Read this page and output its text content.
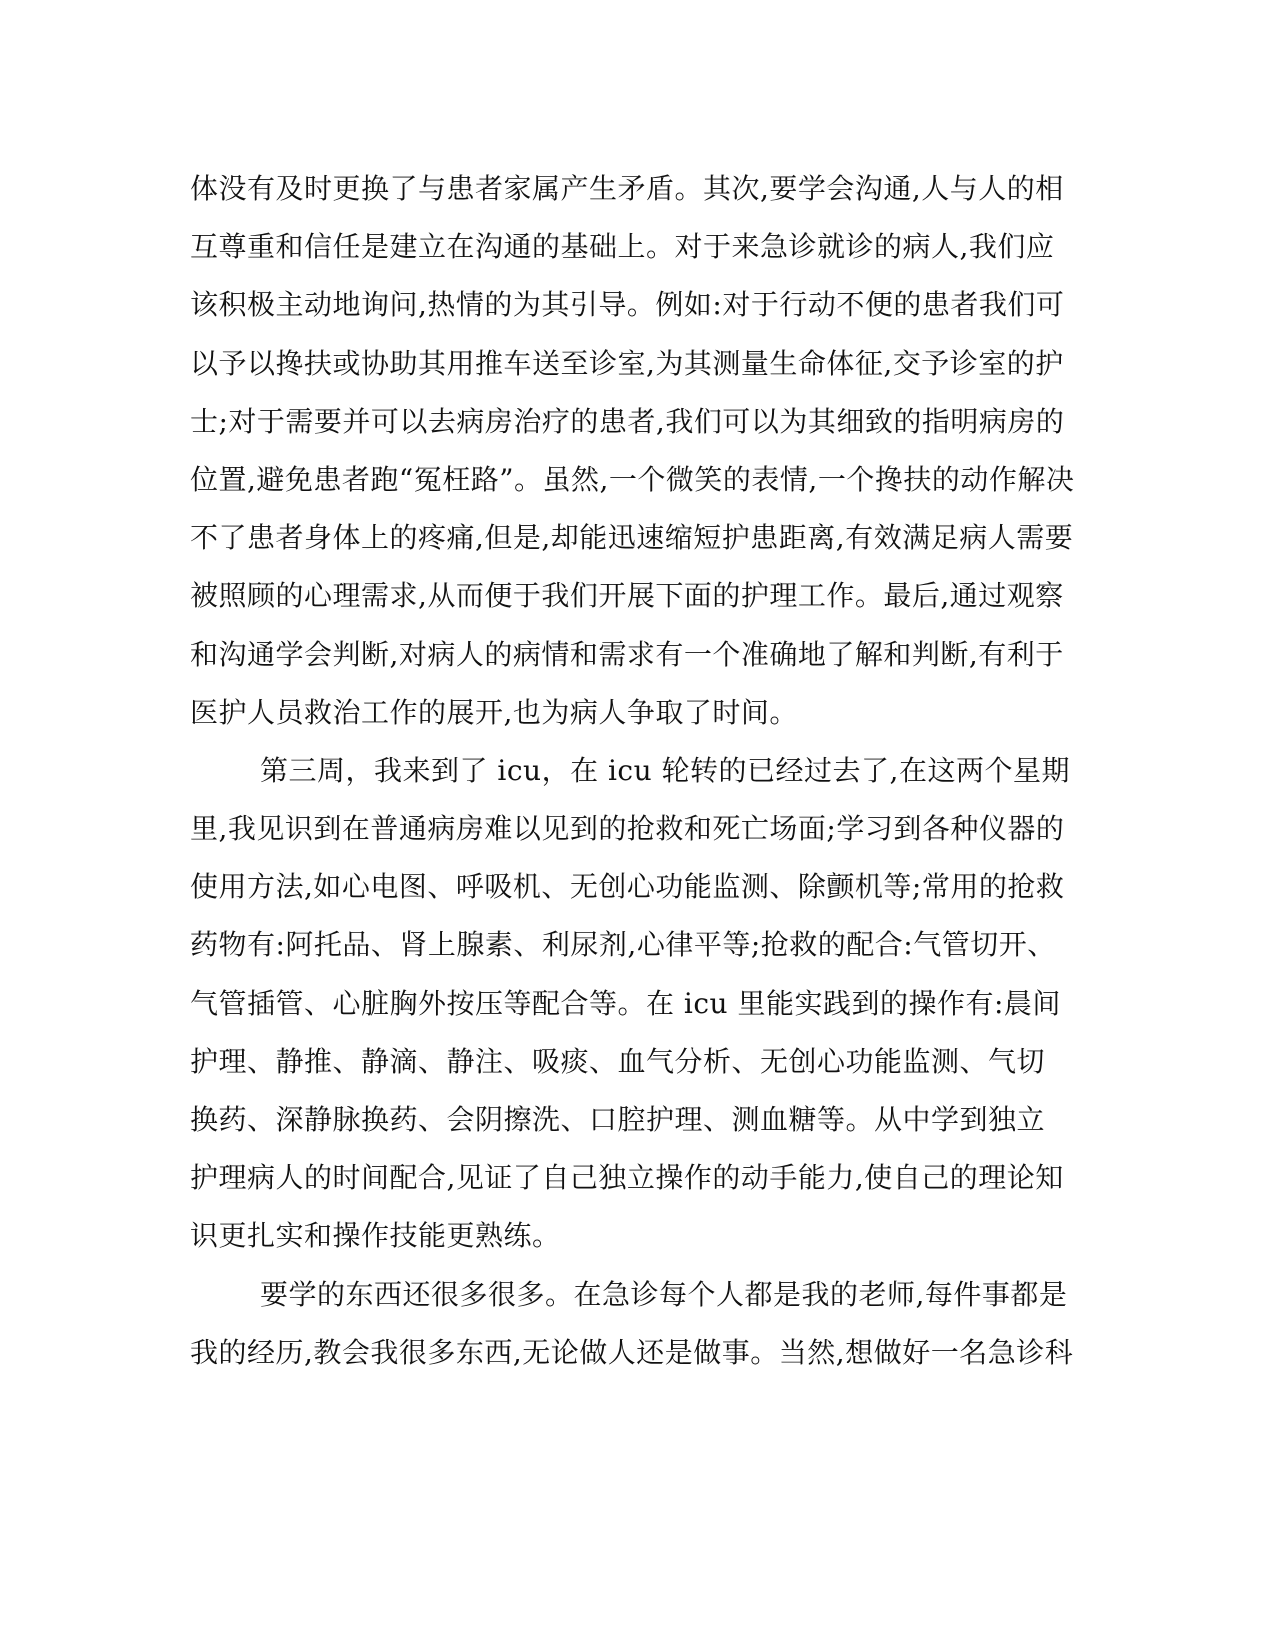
体没有及时更换了与患者家属产生矛盾。其次,要学会沟通,人与人的相
互尊重和信任是建立在沟通的基础上。对于来急诊就诊的病人,我们应
该积极主动地询问,热情的为其引导。例如:对于行动不便的患者我们可
以予以搀扶或协助其用推车送至诊室,为其测量生命体征,交予诊室的护
士;对于需要并可以去病房治疗的患者,我们可以为其细致的指明病房的
位置,避免患者跑“冤枉路”。虽然,一个微笑的表情,一个搀扶的动作解决
不了患者身体上的疼痛,但是,却能迅速缩短护患距离,有效满足病人需要
被照顾的心理需求,从而便于我们开展下面的护理工作。最后,通过观察
和沟通学会判断,对病人的病情和需求有一个准确地了解和判断,有利于
医护人员救治工作的展开,也为病人争取了时间。
第三周，我来到了 icu，在 icu 轮转的已经过去了,在这两个星期
里,我见识到在普通病房难以见到的抢救和死亡场面;学习到各种仪器的
使用方法,如心电图、呼吸机、无创心功能监测、除颤机等;常用的抢救
药物有:阿托品、肾上腺素、利尿剂,心律平等;抢救的配合:气管切开、
气管插管、心脏胸外按压等配合等。在 icu 里能实践到的操作有:晨间
护理、静推、静滴、静注、吸痰、血气分析、无创心功能监测、气切
换药、深静脉换药、会阴擦洗、口腔护理、测血糖等。从中学到独立
护理病人的时间配合,见证了自己独立操作的动手能力,使自己的理论知
识更扎实和操作技能更熟练。
要学的东西还很多很多。在急诊每个人都是我的老师,每件事都是
我的经历,教会我很多东西,无论做人还是做事。当然,想做好一名急诊科
